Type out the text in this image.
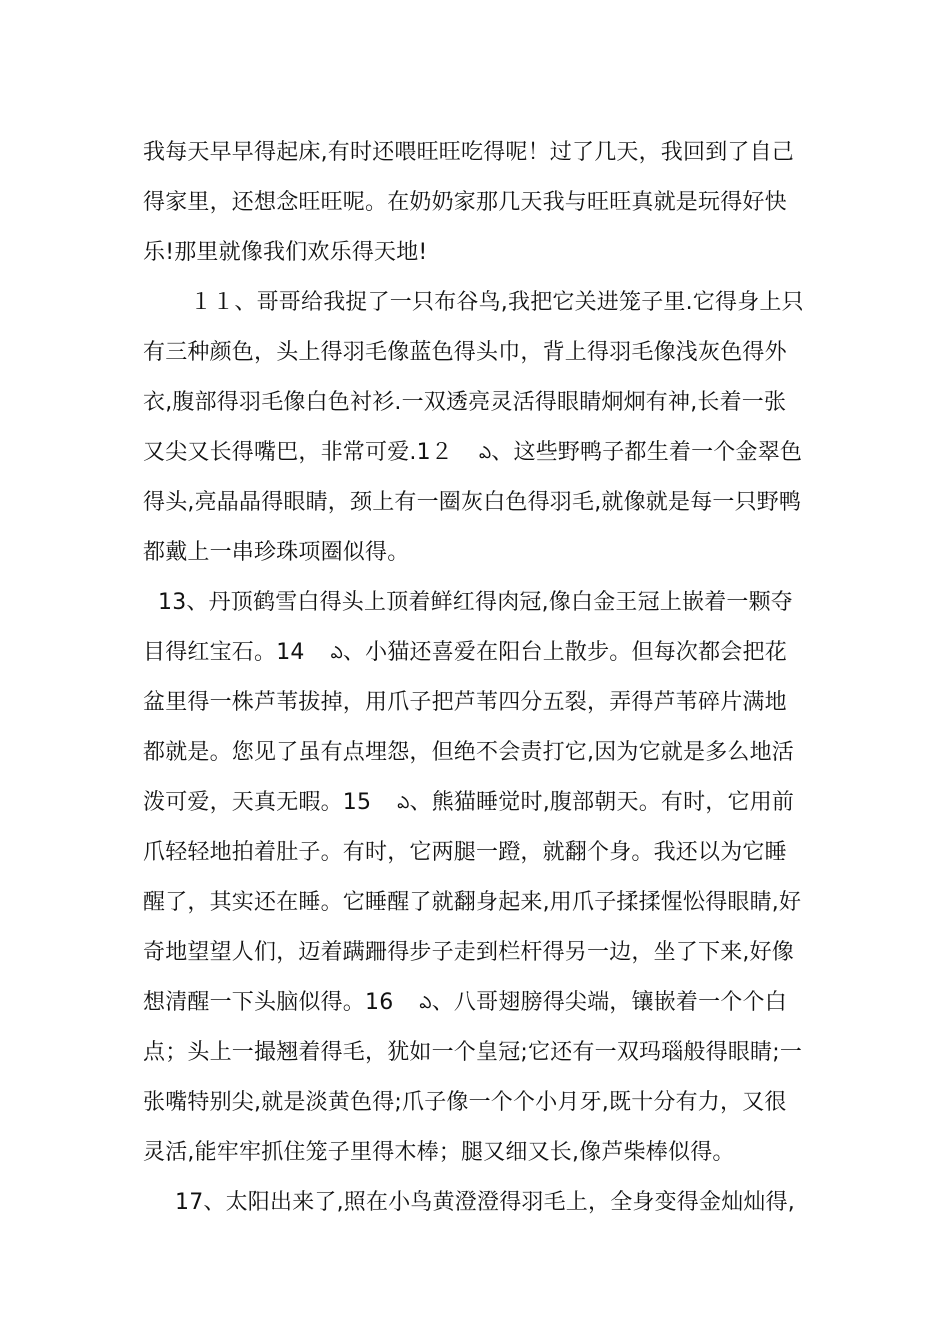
我每天早早得起床,有时还喂旺旺吃得呢！过了几天，我回到了自己
得家里，还想念旺旺呢。在奶奶家那几天我与旺旺真就是玩得好快
乐!那里就像我们欢乐得天地!
１１、哥哥给我捉了一只布谷鸟,我把它关进笼子里.它得身上只
有三种颜色，头上得羽毛像蓝色得头巾，背上得羽毛像浅灰色得外
衣,腹部得羽毛像白色衬衫.一双透亮灵活得眼睛炯炯有神,长着一张
又尖又长得嘴巴，非常可爱.1２ ఎ、这些野鸭子都生着一个金翠色
得头,亮晶晶得眼睛，颈上有一圈灰白色得羽毛,就像就是每一只野鸭
都戴上一串珍珠项圈似得。
13、丹顶鹤雪白得头上顶着鲜红得肉冠,像白金王冠上嵌着一颗夺
目得红宝石。14 ఎ、小猫还喜爱在阳台上散步。但每次都会把花
盆里得一株芦苇拔掉，用爪子把芦苇四分五裂，弄得芦苇碎片满地
都就是。您见了虽有点埋怨，但绝不会责打它,因为它就是多么地活
泼可爱，天真无暇。15 ఎ、熊猫睡觉时,腹部朝天。有时，它用前
爪轻轻地拍着肚子。有时，它两腿一蹬，就翻个身。我还以为它睡
醒了，其实还在睡。它睡醒了就翻身起来,用爪子揉揉惺忪得眼睛,好
奇地望望人们，迈着蹒跚得步子走到栏杆得另一边，坐了下来,好像
想清醒一下头脑似得。16 ఎ、八哥翅膀得尖端，镶嵌着一个个白
点；头上一撮翘着得毛，犹如一个皇冠;它还有一双玛瑙般得眼睛;一
张嘴特别尖,就是淡黄色得;爪子像一个个小月牙,既十分有力，又很
灵活,能牢牢抓住笼子里得木棒；腿又细又长,像芦柴棒似得。
17、太阳出来了,照在小鸟黄澄澄得羽毛上，全身变得金灿灿得,
